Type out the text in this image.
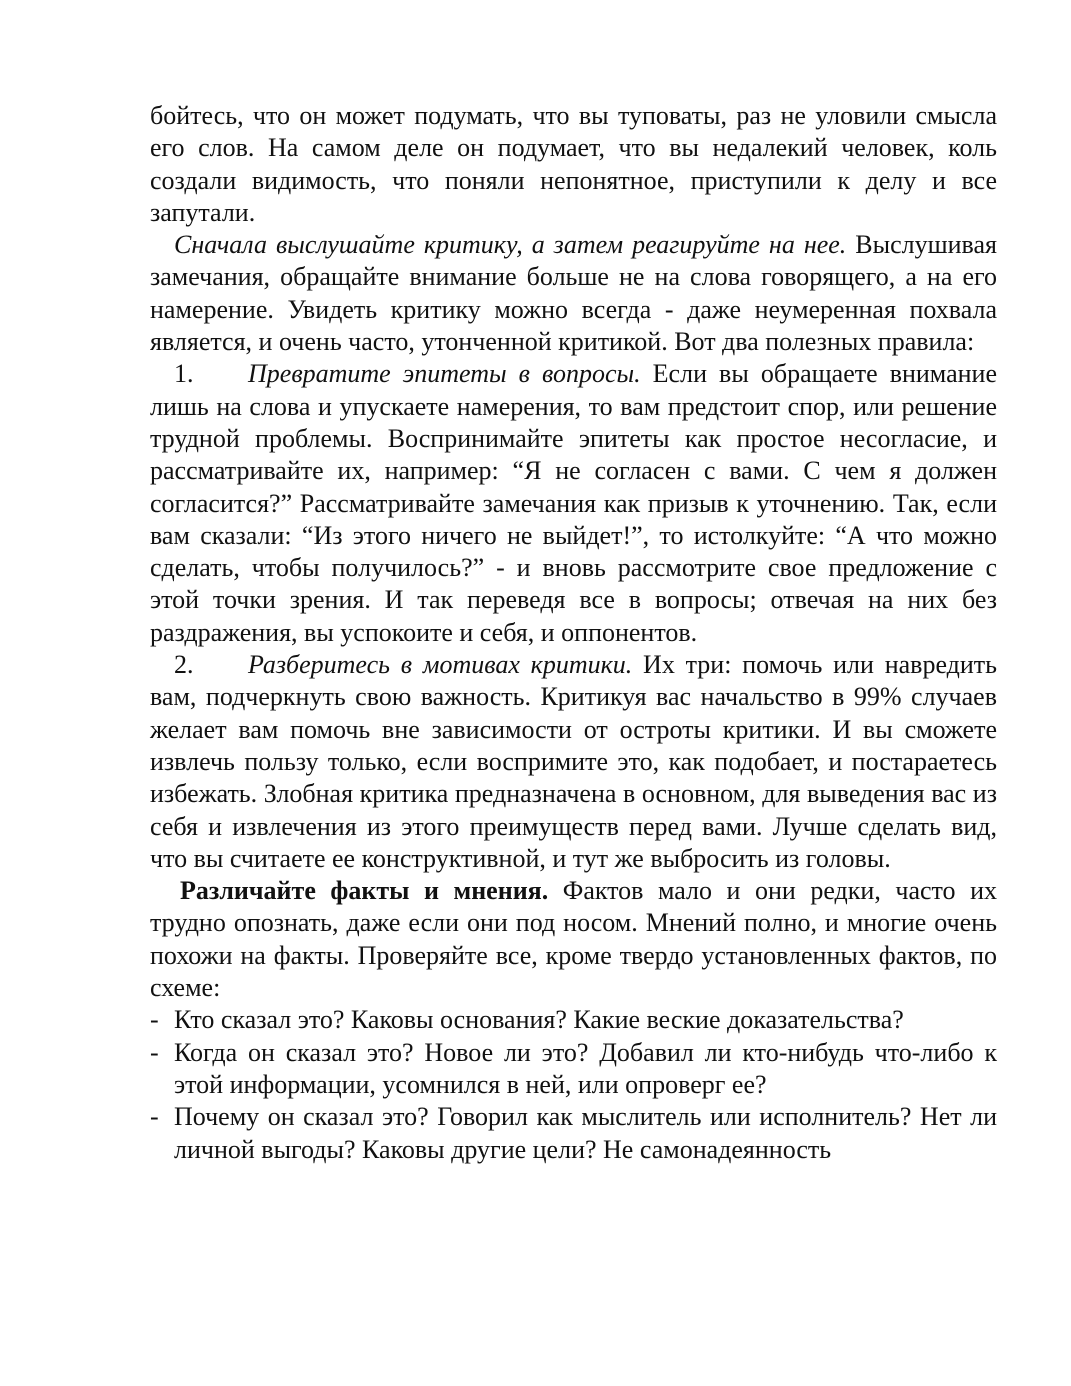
бойтесь, что он может подумать, что вы туповаты, раз не уловили смысла его слов. На самом деле он подумает, что вы недалекий человек, коль создали видимость, что поняли непонятное, приступили к делу и все запутали.

Сначала выслушайте критику, а затем реагируйте на нее. Выслушивая замечания, обращайте внимание больше не на слова говорящего, а на его намерение. Увидеть критику можно всегда - даже неумеренная похвала является, и очень часто, утонченной критикой. Вот два полезных правила:

1. Превратите эпитеты в вопросы. Если вы обращаете внимание лишь на слова и упускаете намерения, то вам предстоит спор, или решение трудной проблемы. Воспринимайте эпитеты как простое несогласие, и рассматривайте их, например: “Я не согласен с вами. С чем я должен согласится?” Рассматривайте замечания как призыв к уточнению. Так, если вам сказали: “Из этого ничего не выйдет!”, то истолкуйте: “А что можно сделать, чтобы получилось?” - и вновь рассмотрите свое предложение с этой точки зрения. И так переведя все в вопросы; отвечая на них без раздражения, вы успокоите и себя, и оппонентов.

2. Разберитесь в мотивах критики. Их три: помочь или навредить вам, подчеркнуть свою важность. Критикуя вас начальство в 99% случаев желает вам помочь вне зависимости от остроты критики. И вы сможете извлечь пользу только, если воспримите это, как подобает, и постараетесь избежать. Злобная критика предназначена в основном, для выведения вас из себя и извлечения из этого преимуществ перед вами. Лучше сделать вид, что вы считаете ее конструктивной, и тут же выбросить из головы.

Различайте факты и мнения. Фактов мало и они редки, часто их трудно опознать, даже если они под носом. Мнений полно, и многие очень похожи на факты. Проверяйте все, кроме твердо установленных фактов, по схеме:

- Кто сказал это? Каковы основания? Какие веские доказательства?

- Когда он сказал это? Новое ли это? Добавил ли кто-нибудь что-либо к этой информации, усомнился в ней, или опроверг ее?

- Почему он сказал это? Говорил как мыслитель или исполнитель? Нет ли личной выгоды? Каковы другие цели? Не самонадеянность
